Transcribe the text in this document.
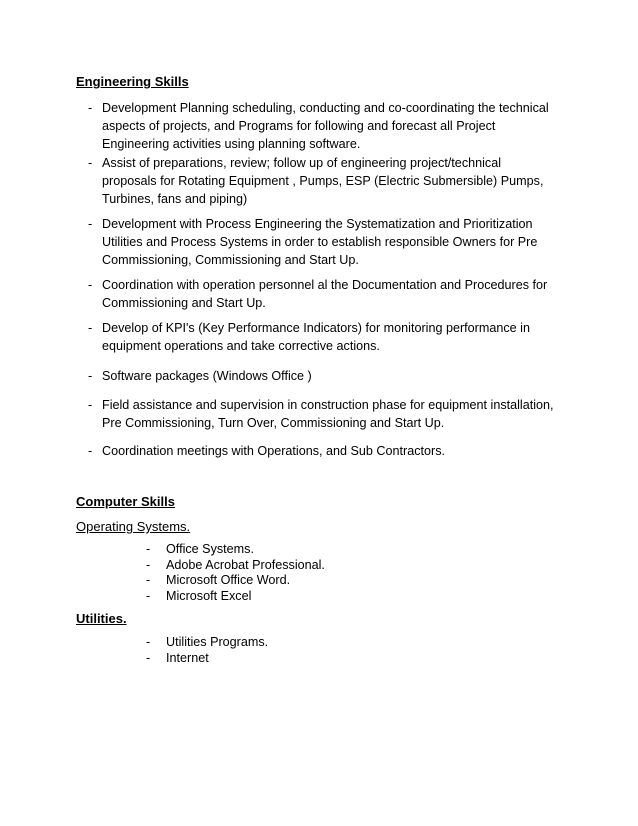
Engineering Skills
- Development Planning scheduling, conducting and co-coordinating the technical aspects of projects, and Programs for following and forecast all Project Engineering activities using planning software.
- Assist of preparations, review; follow up of engineering project/technical proposals for Rotating Equipment , Pumps, ESP (Electric Submersible) Pumps, Turbines, fans and piping)
- Development with Process Engineering the Systematization and Prioritization Utilities and Process Systems in order to establish responsible Owners for Pre Commissioning, Commissioning and Start Up.
- Coordination with operation personnel al the Documentation and Procedures for Commissioning and Start Up.
- Develop of KPI's (Key Performance Indicators) for monitoring performance in equipment operations and take corrective actions.
- Software packages (Windows Office )
- Field assistance and supervision in construction phase for equipment installation, Pre Commissioning, Turn Over, Commissioning and Start Up.
- Coordination meetings with Operations, and Sub Contractors.
Computer Skills
Operating Systems.
- Office Systems.
- Adobe Acrobat Professional.
- Microsoft Office Word.
- Microsoft Excel
Utilities.
- Utilities Programs.
- Internet
